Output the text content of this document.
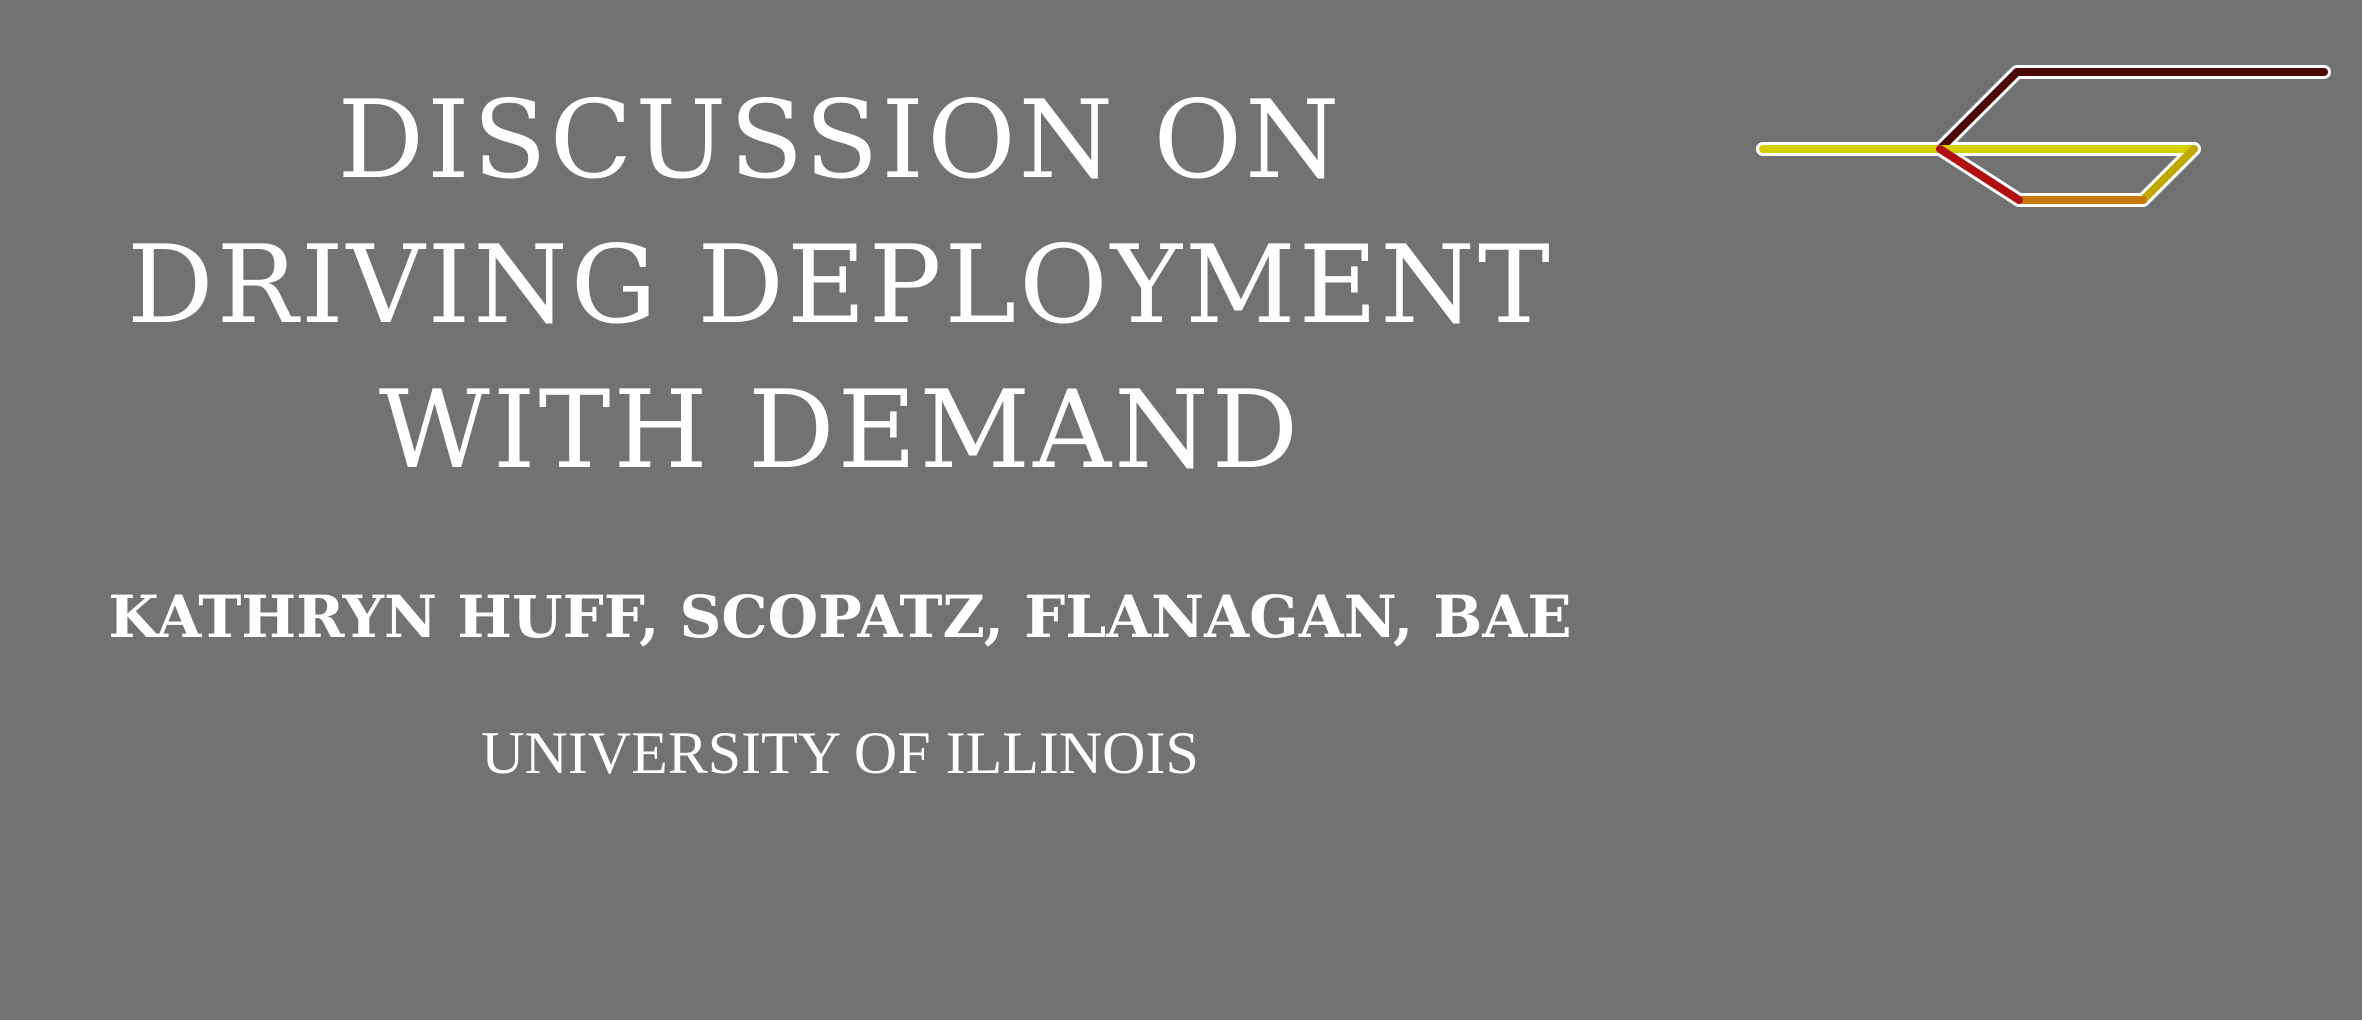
DISCUSSION ON
DRIVING DEPLOYMENT
WITH DEMAND

KATHRYN HUFF, SCOPATZ, FLANAGAN, BAE

UNIVERSITY OF ILLINOIS
